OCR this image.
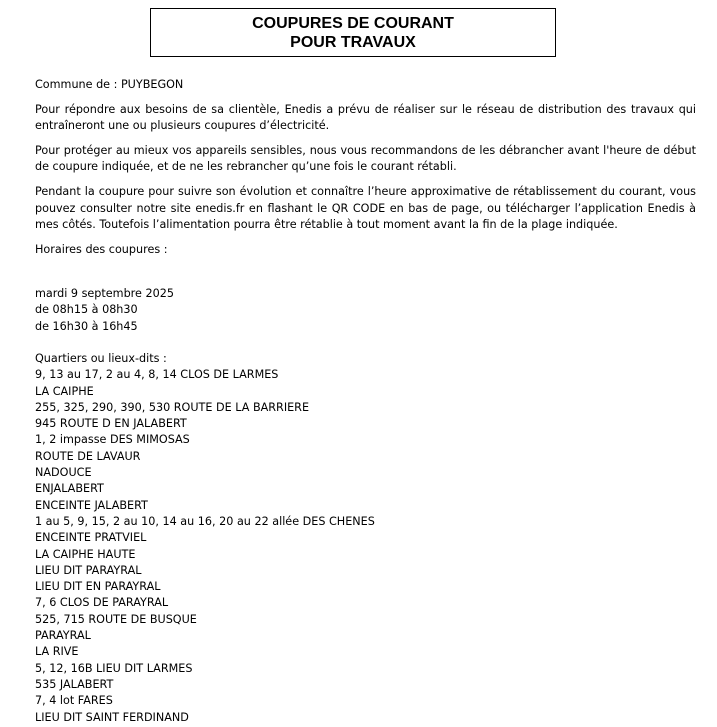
COUPURES DE COURANT
POUR TRAVAUX
Commune de : PUYBEGON
Pour répondre aux besoins de sa clientèle, Enedis a prévu de réaliser sur le réseau de distribution des travaux qui entraîneront une ou plusieurs coupures d’électricité.
Pour protéger au mieux vos appareils sensibles, nous vous recommandons de les débrancher avant l'heure de début de coupure indiquée, et de ne les rebrancher qu’une fois le courant rétabli.
Pendant la coupure pour suivre son évolution et connaître l’heure approximative de rétablissement du courant, vous pouvez consulter notre site enedis.fr en flashant le QR CODE en bas de page, ou télécharger l’application Enedis à mes côtés. Toutefois l’alimentation pourra être rétablie à tout moment avant la fin de la plage indiquée.
Horaires des coupures :
mardi 9 septembre 2025
de 08h15 à 08h30
de 16h30 à 16h45
Quartiers ou lieux-dits :
9, 13 au 17, 2 au 4, 8, 14 CLOS DE LARMES
LA CAIPHE
255, 325, 290, 390, 530 ROUTE DE LA BARRIERE
945 ROUTE D EN JALABERT
1, 2 impasse DES MIMOSAS
ROUTE DE LAVAUR
NADOUCE
ENJALABERT
ENCEINTE JALABERT
1 au 5, 9, 15, 2 au 10, 14 au 16, 20 au 22 allée DES CHENES
ENCEINTE PRATVIEL
LA CAIPHE HAUTE
LIEU DIT PARAYRAL
LIEU DIT EN PARAYRAL
7, 6 CLOS DE PARAYRAL
525, 715 ROUTE DE BUSQUE
PARAYRAL
LA RIVE
5, 12, 16B LIEU DIT LARMES
535 JALABERT
7, 4 lot FARES
LIEU DIT SAINT FERDINAND
